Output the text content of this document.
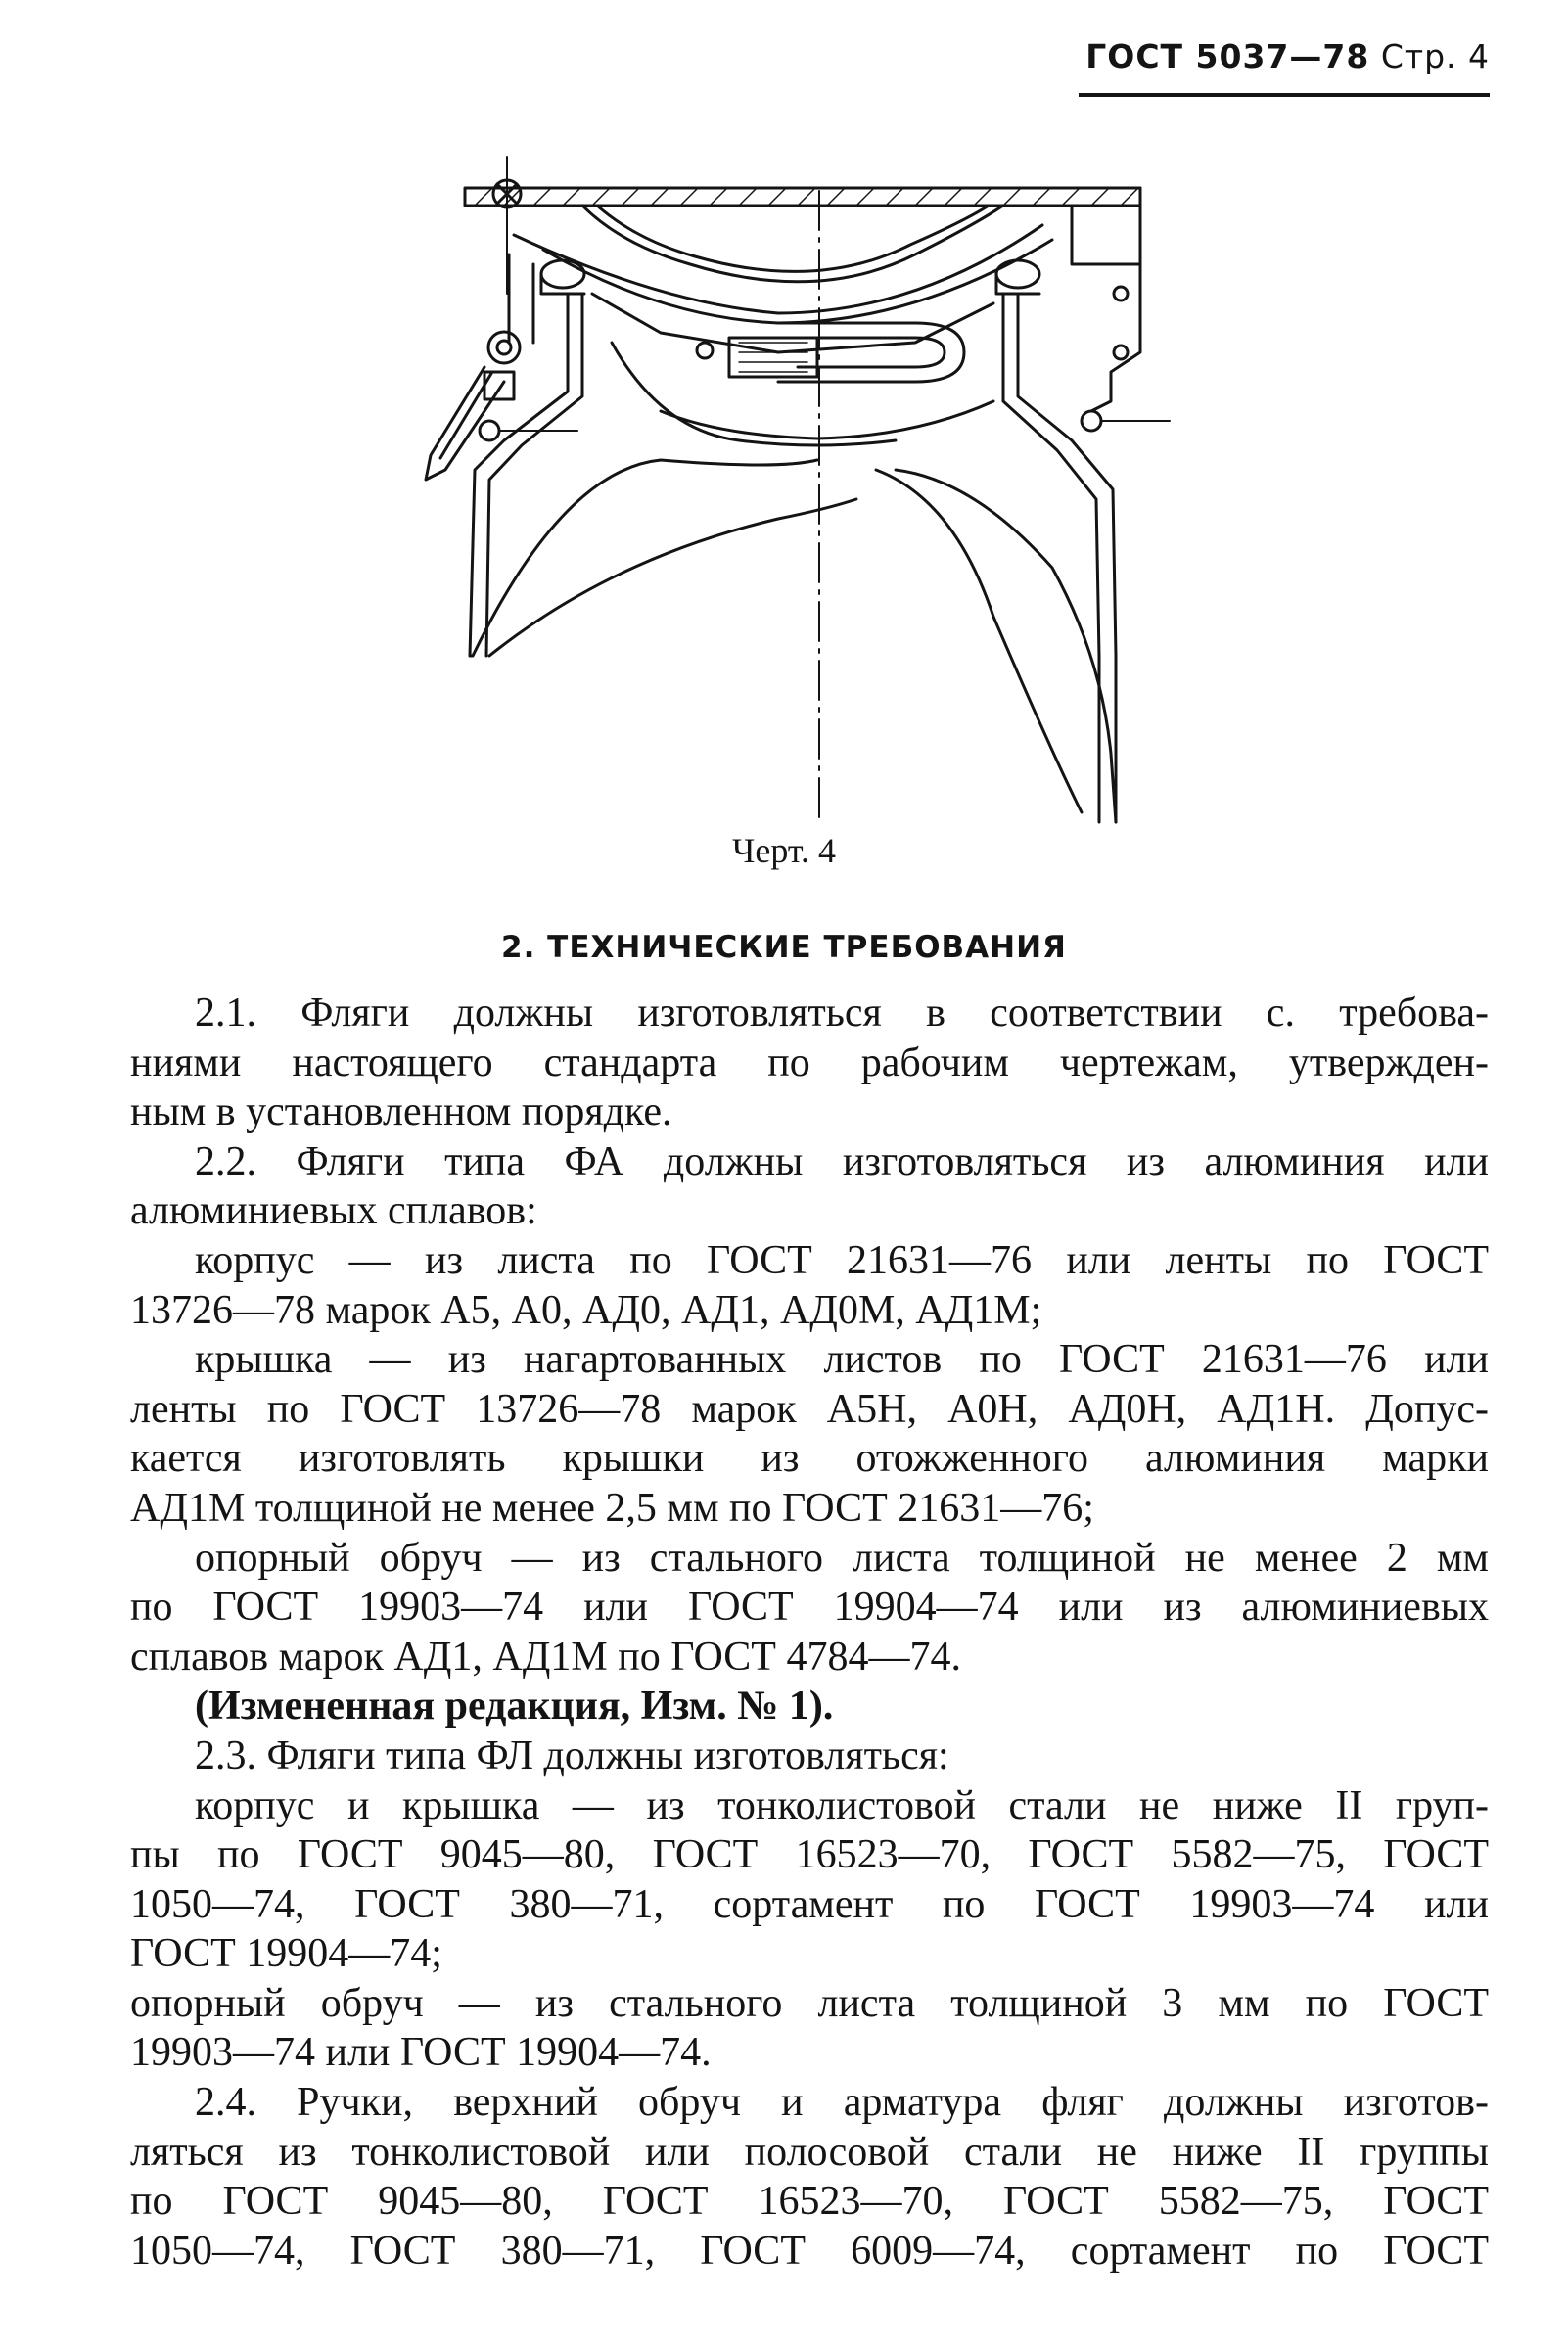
ГОСТ 5037—78 Стр. 4
Черт. 4
2. ТЕХНИЧЕСКИЕ ТРЕБОВАНИЯ
2.1. Фляги должны изготовляться в соответствии с. требова-
ниями настоящего стандарта по рабочим чертежам, утвержден-
ным в установленном порядке.
2.2. Фляги типа ФА должны изготовляться из алюминия или
алюминиевых сплавов:
корпус — из листа по ГОСТ 21631—76 или ленты по ГОСТ
13726—78 марок А5, А0, АД0, АД1, АД0М, АД1М;
крышка — из нагартованных листов по ГОСТ 21631—76 или
ленты по ГОСТ 13726—78 марок А5Н, А0Н, АД0Н, АД1Н. Допус-
кается изготовлять крышки из отожженного алюминия марки
АД1М толщиной не менее 2,5 мм по ГОСТ 21631—76;
опорный обруч — из стального листа толщиной не менее 2 мм
по ГОСТ 19903—74 или ГОСТ 19904—74 или из алюминиевых
сплавов марок АД1, АД1М по ГОСТ 4784—74.
(Измененная редакция, Изм. № 1).
2.3. Фляги типа ФЛ должны изготовляться:
корпус и крышка — из тонколистовой стали не ниже II груп-
пы по ГОСТ 9045—80, ГОСТ 16523—70, ГОСТ 5582—75, ГОСТ
1050—74, ГОСТ 380—71, сортамент по ГОСТ 19903—74 или
ГОСТ 19904—74;
опорный обруч — из стального листа толщиной 3 мм по ГОСТ
19903—74 или ГОСТ 19904—74.
2.4. Ручки, верхний обруч и арматура фляг должны изготов-
ляться из тонколистовой или полосовой стали не ниже II группы
по ГОСТ 9045—80, ГОСТ 16523—70, ГОСТ 5582—75, ГОСТ
1050—74, ГОСТ 380—71, ГОСТ 6009—74, сортамент по ГОСТ
